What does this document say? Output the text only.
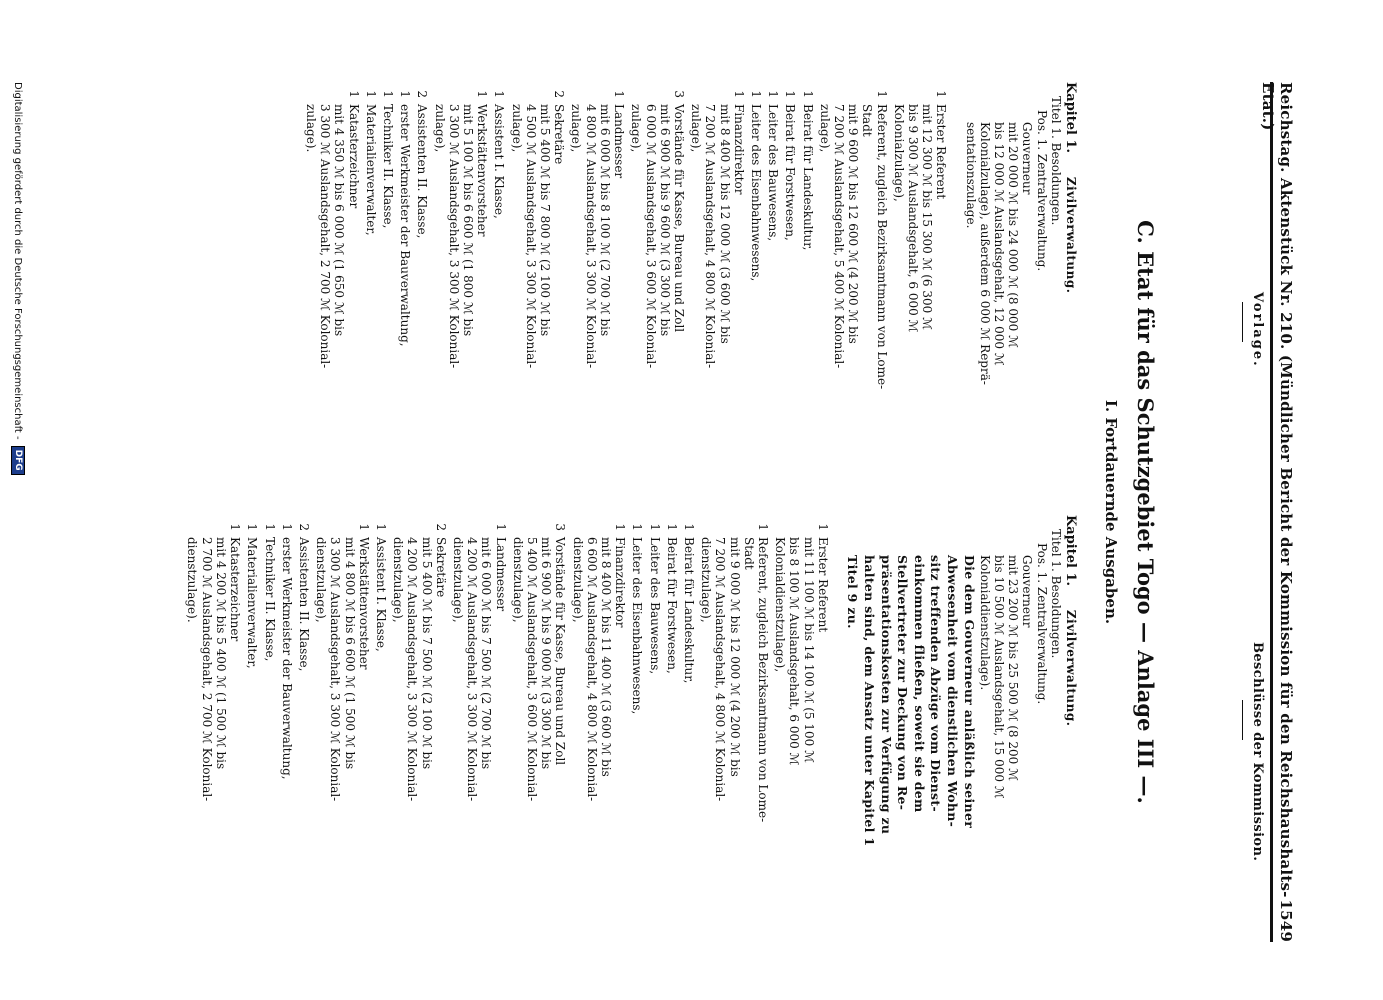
Reichstag. Aktenstück Nr. 210. (Mündlicher Bericht der Kommission für den Reichshaushalts-Etat.)
1549
Vorlage.
Beschlüsse der Kommission.
C. Etat für das Schutzgebiet Togo — Anlage III —.
I. Fortdauernde Ausgaben.
Kapitel 1. Zivilverwaltung.
Titel 1. Besoldungen.
Pos. 1. Zentralverwaltung.
Gouverneur
mit 20 000 ℳ bis 24 000 ℳ (8 000 ℳ
bis 12 000 ℳ Auslandsgehalt, 12 000 ℳ
Kolonialzulage), außerdem 6 000 ℳ Reprä-
sentationszulage.
1
Erster Referent
mit 12 300 ℳ bis 15 300 ℳ (6 300 ℳ
bis 9 300 ℳ Auslandsgehalt, 6 000 ℳ
Kolonialzulage),
1
Referent, zugleich Bezirksamtmann von Lome-
Stadt
mit 9 600 ℳ bis 12 600 ℳ (4 200 ℳ bis
7 200 ℳ Auslandsgehalt, 5 400 ℳ Kolonial-
zulage),
1
Beirat für Landeskultur,
1
Beirat für Forstwesen,
1
Leiter des Bauwesens,
1
Leiter des Eisenbahnwesens,
1
Finanzdirektor
mit 8 400 ℳ bis 12 000 ℳ (3 600 ℳ bis
7 200 ℳ Auslandsgehalt, 4 800 ℳ Kolonial-
zulage),
3
Vorstände für Kasse, Bureau und Zoll
mit 6 900 ℳ bis 9 600 ℳ (3 300 ℳ bis
6 000 ℳ Auslandsgehalt, 3 600 ℳ Kolonial-
zulage),
1
Landmesser
mit 6 000 ℳ bis 8 100 ℳ (2 700 ℳ bis
4 800 ℳ Auslandsgehalt, 3 300 ℳ Kolonial-
zulage),
2
Sekretäre
mit 5 400 ℳ bis 7 800 ℳ (2 100 ℳ bis
4 500 ℳ Auslandsgehalt, 3 300 ℳ Kolonial-
zulage),
1
Assistent I. Klasse,
1
Werkstättenvorsteher
mit 5 100 ℳ bis 6 600 ℳ (1 800 ℳ bis
3 300 ℳ Auslandsgehalt, 3 300 ℳ Kolonial-
zulage),
2
Assistenten II. Klasse,
1
erster Werkmeister der Bauverwaltung,
1
Techniker II. Klasse,
1
Materialienverwalter,
1
Katasterzeichner
mit 4 350 ℳ bis 6 000 ℳ (1 650 ℳ bis
3 300 ℳ Auslandsgehalt, 2 700 ℳ Kolonial-
zulage).
Kapitel 1. Zivilverwaltung.
Titel 1. Besoldungen.
Pos. 1. Zentralverwaltung.
Gouverneur
mit 23 200 ℳ bis 25 500 ℳ (8 200 ℳ
bis 10 500 ℳ Auslandsgehalt, 15 000 ℳ
Kolonialdienstzulage).
Die dem Gouverneur anläßlich seiner
Abwesenheit vom dienstlichen Wohn-
sitz treffenden Abzüge vom Dienst-
einkommen fließen, soweit sie dem
Stellvertreter zur Deckung von Re-
präsentationskosten zur Verfügung zu
halten sind, dem Ansatz unter Kapitel 1
Titel 9 zu.
1
Erster Referent
mit 11 100 ℳ bis 14 100 ℳ (5 100 ℳ
bis 8 100 ℳ Auslandsgehalt, 6 000 ℳ
Kolonialdienstzulage),
1
Referent, zugleich Bezirksamtmann von Lome-
Stadt
mit 9 000 ℳ bis 12 000 ℳ (4 200 ℳ bis
7 200 ℳ Auslandsgehalt, 4 800 ℳ Kolonial-
dienstzulage),
1
Beirat für Landeskultur,
1
Beirat für Forstwesen,
1
Leiter des Bauwesens,
1
Leiter des Eisenbahnwesens,
1
Finanzdirektor
mit 8 400 ℳ bis 11 400 ℳ (3 600 ℳ bis
6 600 ℳ Auslandsgehalt, 4 800 ℳ Kolonial-
dienstzulage),
3
Vorstände für Kasse, Bureau und Zoll
mit 6 900 ℳ bis 9 000 ℳ (3 300 ℳ bis
5 400 ℳ Auslandsgehalt, 3 600 ℳ Kolonial-
dienstzulage),
1
Landmesser
mit 6 000 ℳ bis 7 500 ℳ (2 700 ℳ bis
4 200 ℳ Auslandsgehalt, 3 300 ℳ Kolonial-
dienstzulage),
2
Sekretäre
mit 5 400 ℳ bis 7 500 ℳ (2 100 ℳ bis
4 200 ℳ Auslandsgehalt, 3 300 ℳ Kolonial-
dienstzulage),
1
Assistent I. Klasse,
1
Werkstättenvorsteher
mit 4 800 ℳ bis 6 600 ℳ (1 500 ℳ bis
3 300 ℳ Auslandsgehalt, 3 300 ℳ Kolonial-
dienstzulage),
2
Assistenten II. Klasse,
1
erster Werkmeister der Bauverwaltung,
1
Techniker II. Klasse,
1
Materialienverwalter,
1
Katasterzeichner
mit 4 200 ℳ bis 5 400 ℳ (1 500 ℳ bis
2 700 ℳ Auslandsgehalt, 2 700 ℳ Kolonial-
dienstzulage).
Digitalisierung gefördert durch die Deutsche Forschungsgemeinschaft -
DFG
